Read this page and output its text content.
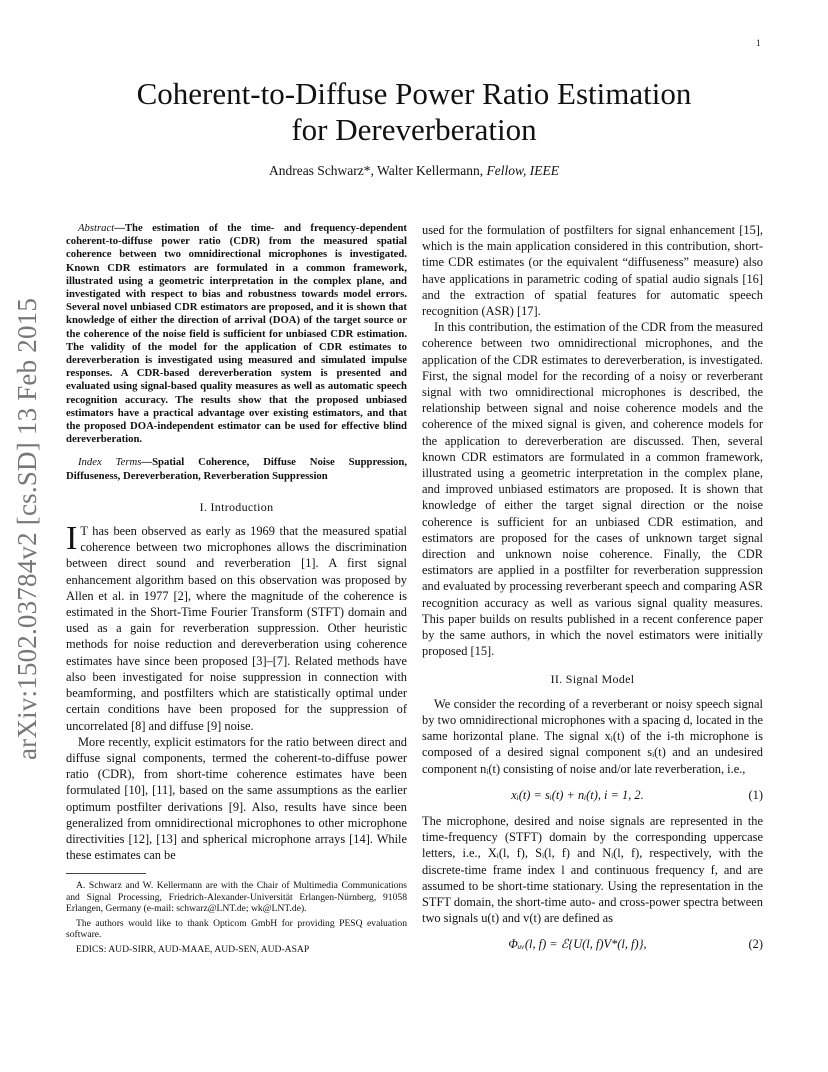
1
arXiv:1502.03784v2 [cs.SD] 13 Feb 2015
Coherent-to-Diffuse Power Ratio Estimation
for Dereverberation
Andreas Schwarz*, Walter Kellermann, Fellow, IEEE

Abstract—The estimation of the time- and frequency-dependent coherent-to-diffuse power ratio (CDR) from the measured spatial coherence between two omnidirectional microphones is investigated. Known CDR estimators are formulated in a common framework, illustrated using a geometric interpretation in the complex plane, and investigated with respect to bias and robustness towards model errors. Several novel unbiased CDR estimators are proposed, and it is shown that knowledge of either the direction of arrival (DOA) of the target source or the coherence of the noise field is sufficient for unbiased CDR estimation. The validity of the model for the application of CDR estimates to dereverberation is investigated using measured and simulated impulse responses. A CDR-based dereverberation system is presented and evaluated using signal-based quality measures as well as automatic speech recognition accuracy. The results show that the proposed unbiased estimators have a practical advantage over existing estimators, and that the proposed DOA-independent estimator can be used for effective blind dereverberation.

Index Terms—Spatial Coherence, Diffuse Noise Suppression, Diffuseness, Dereverberation, Reverberation Suppression

I. Introduction

I T has been observed as early as 1969 that the measured spatial coherence between two microphones allows the discrimination between direct sound and reverberation [1]. A first signal enhancement algorithm based on this observation was proposed by Allen et al. in 1977 [2], where the magnitude of the coherence is estimated in the Short-Time Fourier Transform (STFT) domain and used as a gain for reverberation suppression. Other heuristic methods for noise reduction and dereverberation using coherence estimates have since been proposed [3]–[7]. Related methods have also been investigated for noise suppression in connection with beamforming, and postfilters which are statistically optimal under certain conditions have been proposed for the suppression of uncorrelated [8] and diffuse [9] noise.

More recently, explicit estimators for the ratio between direct and diffuse signal components, termed the coherent-to-diffuse power ratio (CDR), from short-time coherence estimates have been formulated [10], [11], based on the same assumptions as the earlier optimum postfilter derivations [9]. Also, results have since been generalized from omnidirectional microphones to other microphone directivities [12], [13] and spherical microphone arrays [14]. While these estimates can be

A. Schwarz and W. Kellermann are with the Chair of Multimedia Communications and Signal Processing, Friedrich-Alexander-Universität Erlangen-Nürnberg, 91058 Erlangen, Germany (e-mail: schwarz@LNT.de; wk@LNT.de).

The authors would like to thank Opticom GmbH for providing PESQ evaluation software.

EDICS: AUD-SIRR, AUD-MAAE, AUD-SEN, AUD-ASAP

used for the formulation of postfilters for signal enhancement [15], which is the main application considered in this contribution, short-time CDR estimates (or the equivalent “diffuseness” measure) also have applications in parametric coding of spatial audio signals [16] and the extraction of spatial features for automatic speech recognition (ASR) [17].

In this contribution, the estimation of the CDR from the measured coherence between two omnidirectional microphones, and the application of the CDR estimates to dereverberation, is investigated. First, the signal model for the recording of a noisy or reverberant signal with two omnidirectional microphones is described, the relationship between signal and noise coherence models and the coherence of the mixed signal is given, and coherence models for the application to dereverberation are discussed. Then, several known CDR estimators are formulated in a common framework, illustrated using a geometric interpretation in the complex plane, and improved unbiased estimators are proposed. It is shown that knowledge of either the target signal direction or the noise coherence is sufficient for an unbiased CDR estimation, and estimators are proposed for the cases of unknown target signal direction and unknown noise coherence. Finally, the CDR estimators are applied in a postfilter for reverberation suppression and evaluated by processing reverberant speech and comparing ASR recognition accuracy as well as various signal quality measures. This paper builds on results published in a recent conference paper by the same authors, in which the novel estimators were initially proposed [15].

II. Signal Model

We consider the recording of a reverberant or noisy speech signal by two omnidirectional microphones with a spacing d, located in the same horizontal plane. The signal xᵢ(t) of the i-th microphone is composed of a desired signal component sᵢ(t) and an undesired component nᵢ(t) consisting of noise and/or late reverberation, i.e.,

xᵢ(t) = sᵢ(t) + nᵢ(t), i = 1, 2.	(1)

The microphone, desired and noise signals are represented in the time-frequency (STFT) domain by the corresponding uppercase letters, i.e., Xᵢ(l, f), Sᵢ(l, f) and Nᵢ(l, f), respectively, with the discrete-time frame index l and continuous frequency f, and are assumed to be short-time stationary. Using the representation in the STFT domain, the short-time auto- and cross-power spectra between two signals u(t) and v(t) are defined as

Φᵤᵥ(l, f) = ℰ{U(l, f)V*(l, f)},	(2)
